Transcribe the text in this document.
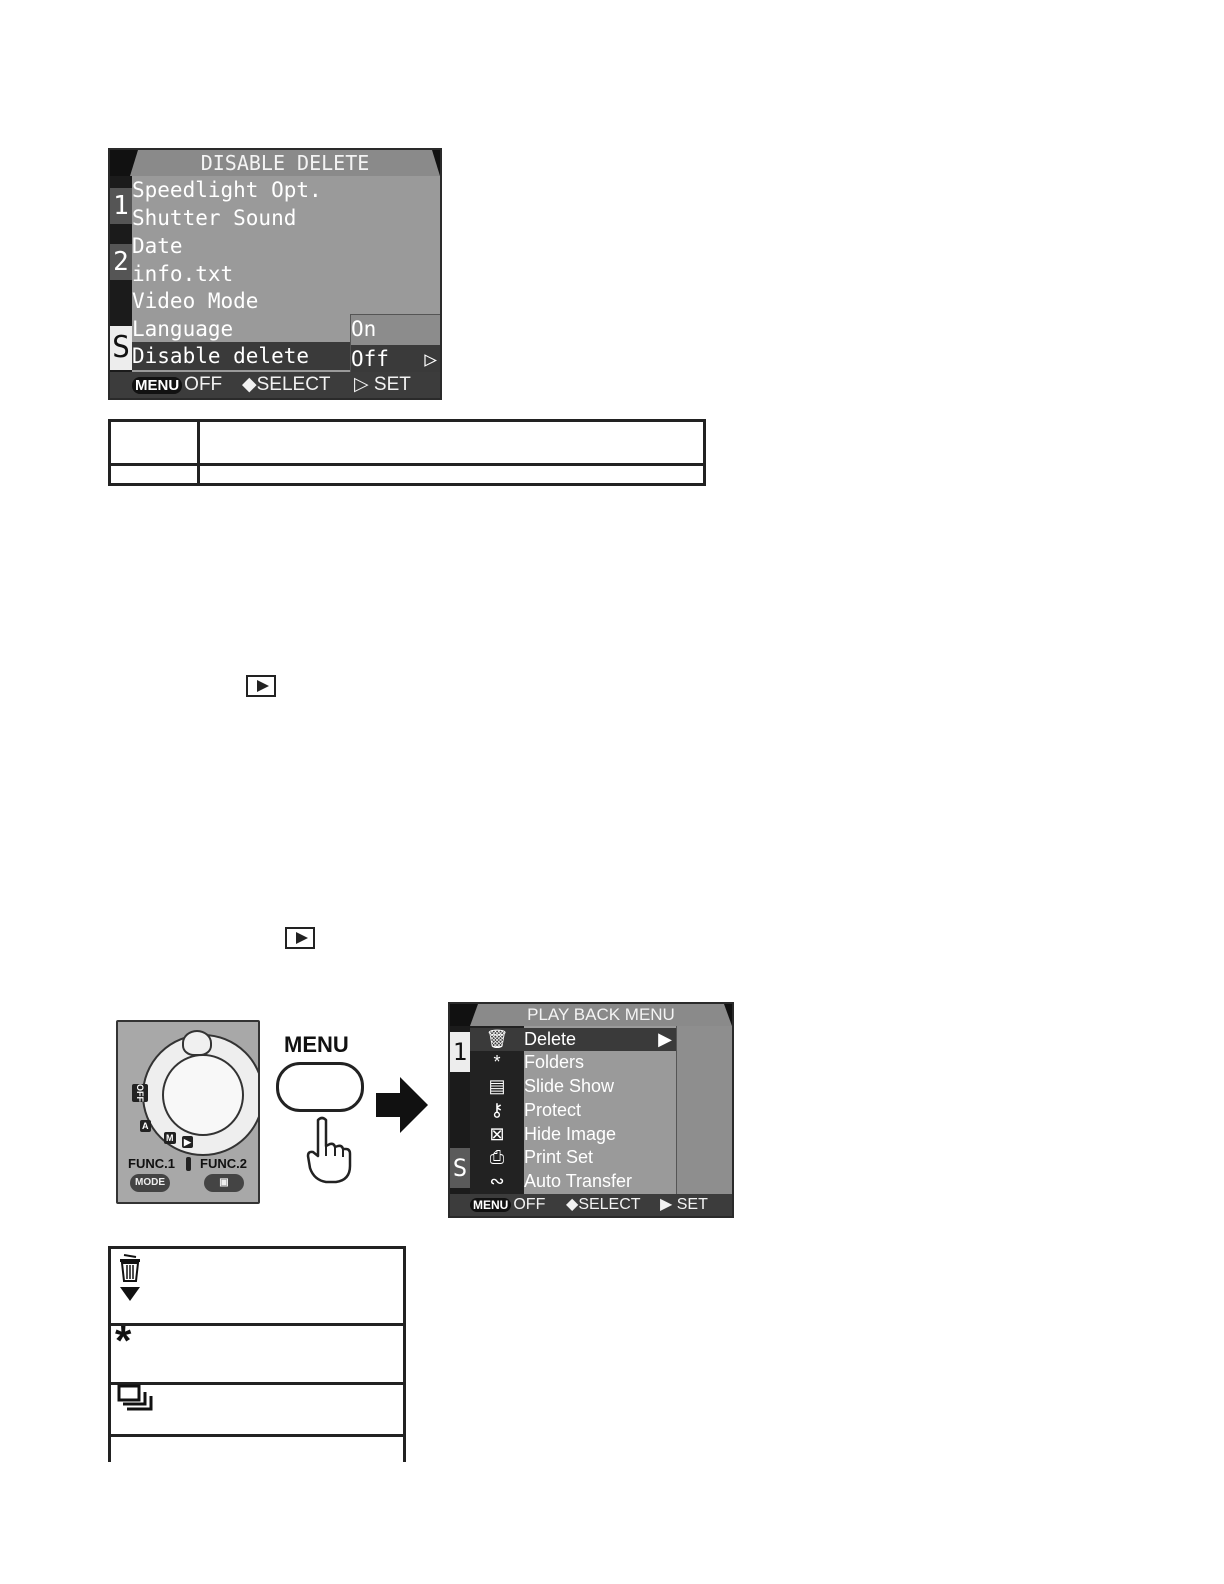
DISABLE DELETE
1
2
S
Speedlight Opt.
Shutter Sound
Date
info.txt
Video Mode
Language
Disable delete
On
Off ▷
MENU OFF ◆SELECT ▷ SET

OFF
A
M ▶
FUNC.1 FUNC.2
MODE	▣
MENU
PLAY BACK MENU
1
S
🗑 Delete	▶
* Folders
▤ Slide Show
⚷ Protect
⊠ Hide Image
⎙ Print Set
∾ Auto Transfer
MENU OFF ◆SELECT ▶ SET
*
